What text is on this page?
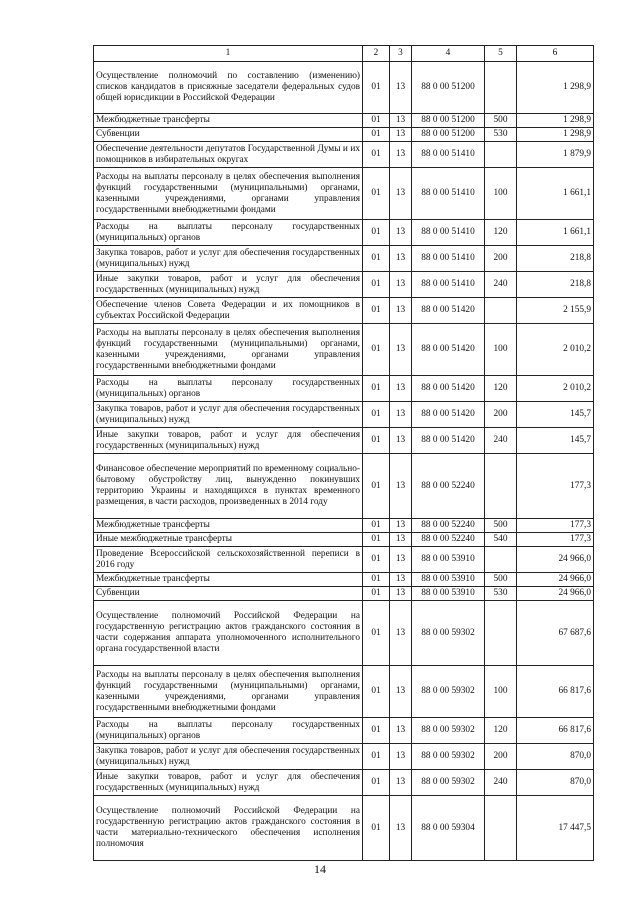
1	2	3	4	5	6
Осуществление полномочий по составлению (изменению) списков кандидатов в присяжные заседатели федеральных судов общей юрисдикции в Российской Федерации	01	13	88 0 00 51200		1 298,9
Межбюджетные трансферты	01	13	88 0 00 51200	500	1 298,9
Субвенции	01	13	88 0 00 51200	530	1 298,9
Обеспечение деятельности депутатов Государственной Думы и их помощников в избирательных округах	01	13	88 0 00 51410		1 879,9
Расходы на выплаты персоналу в целях обеспечения выполнения функций государственными (муниципальными) органами, казенными учреждениями, органами управления государственными внебюджетными фондами	01	13	88 0 00 51410	100	1 661,1
Расходы на выплаты персоналу государственных (муниципальных) органов	01	13	88 0 00 51410	120	1 661,1
Закупка товаров, работ и услуг для обеспечения государственных (муниципальных) нужд	01	13	88 0 00 51410	200	218,8
Иные закупки товаров, работ и услуг для обеспечения государственных (муниципальных) нужд	01	13	88 0 00 51410	240	218,8
Обеспечение членов Совета Федерации и их помощников в субъектах Российской Федерации	01	13	88 0 00 51420		2 155,9
Расходы на выплаты персоналу в целях обеспечения выполнения функций государственными (муниципальными) органами, казенными учреждениями, органами управления государственными внебюджетными фондами	01	13	88 0 00 51420	100	2 010,2
Расходы на выплаты персоналу государственных (муниципальных) органов	01	13	88 0 00 51420	120	2 010,2
Закупка товаров, работ и услуг для обеспечения государственных (муниципальных) нужд	01	13	88 0 00 51420	200	145,7
Иные закупки товаров, работ и услуг для обеспечения государственных (муниципальных) нужд	01	13	88 0 00 51420	240	145,7
Финансовое обеспечение мероприятий по временному социально-бытовому обустройству лиц, вынужденно покинувших территорию Украины и находящихся в пунктах временного размещения, в части расходов, произведенных в 2014 году	01	13	88 0 00 52240		177,3
Межбюджетные трансферты	01	13	88 0 00 52240	500	177,3
Иные межбюджетные трансферты	01	13	88 0 00 52240	540	177,3
Проведение Всероссийской сельскохозяйственной переписи в 2016 году	01	13	88 0 00 53910		24 966,0
Межбюджетные трансферты	01	13	88 0 00 53910	500	24 966,0
Субвенции	01	13	88 0 00 53910	530	24 966,0
Осуществление полномочий Российской Федерации на государственную регистрацию актов гражданского состояния в части содержания аппарата уполномоченного исполнительного органа государственной власти	01	13	88 0 00 59302		67 687,6
Расходы на выплаты персоналу в целях обеспечения выполнения функций государственными (муниципальными) органами, казенными учреждениями, органами управления государственными внебюджетными фондами	01	13	88 0 00 59302	100	66 817,6
Расходы на выплаты персоналу государственных (муниципальных) органов	01	13	88 0 00 59302	120	66 817,6
Закупка товаров, работ и услуг для обеспечения государственных (муниципальных) нужд	01	13	88 0 00 59302	200	870,0
Иные закупки товаров, работ и услуг для обеспечения государственных (муниципальных) нужд	01	13	88 0 00 59302	240	870,0
Осуществление полномочий Российской Федерации на государственную регистрацию актов гражданского состояния в части материально-технического обеспечения исполнения полномочия	01	13	88 0 00 59304		17 447,5
14
